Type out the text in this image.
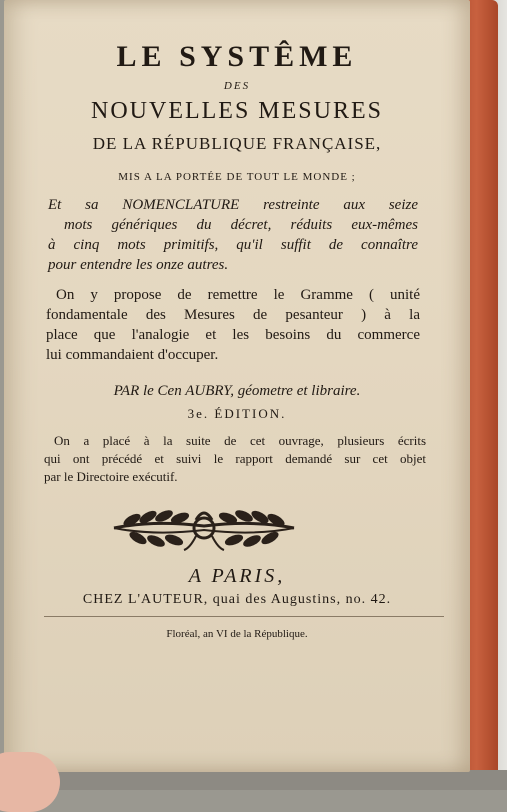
LE SYSTÊME
DES
NOUVELLES MESURES
DE LA RÉPUBLIQUE FRANÇAISE,
MIS A LA PORTÉE DE TOUT LE MONDE ;
Et sa NOMENCLATURE restreinte aux seize
mots génériques du décret, réduits eux-mêmes
à cinq mots primitifs, qu'il suffit de connaître
pour entendre les onze autres.
On y propose de remettre le Gramme ( unité
fondamentale des Mesures de pesanteur ) à la
place que l'analogie et les besoins du commerce
lui commandaient d'occuper.
PAR le Cen AUBRY, géometre et libraire.
3e. ÉDITION.
On a placé à la suite de cet ouvrage, plusieurs écrits
qui ont précédé et suivi le rapport demandé sur cet objet
par le Directoire exécutif.
A PARIS,
CHEZ L'AUTEUR, quai des Augustins, no. 42.
Floréal, an VI de la République.
